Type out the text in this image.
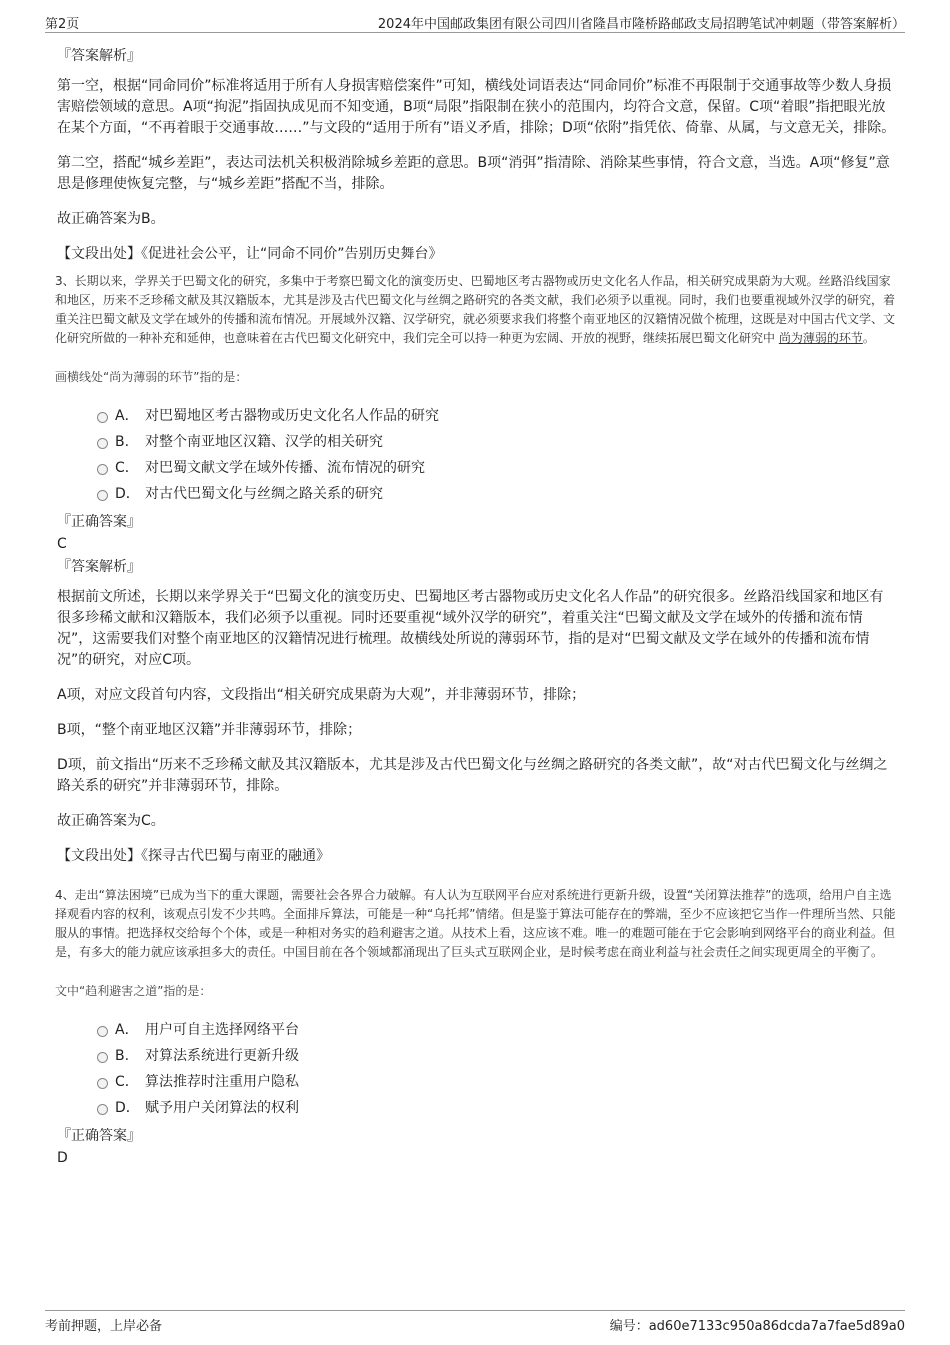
第2页	2024年中国邮政集团有限公司四川省隆昌市隆桥路邮政支局招聘笔试冲刺题（带答案解析）
『答案解析』

第一空，根据“同命同价”标准将适用于所有人身损害赔偿案件”可知，横线处词语表达“同命同价”标准不再限制于交通事故等少数人身损害赔偿领域的意思。A项“拘泥”指固执成见而不知变通，B项“局限”指限制在狭小的范围内，均符合文意，保留。C项“着眼”指把眼光放在某个方面，“不再着眼于交通事故……”与文段的“适用于所有”语义矛盾，排除；D项“依附”指凭依、倚靠、从属，与文意无关，排除。

第二空，搭配“城乡差距”，表达司法机关积极消除城乡差距的意思。B项“消弭”指清除、消除某些事情，符合文意，当选。A项“修复”意思是修理使恢复完整，与“城乡差距”搭配不当，排除。

故正确答案为B。

【文段出处】《促进社会公平，让“同命不同价”告别历史舞台》
3、长期以来，学界关于巴蜀文化的研究，多集中于考察巴蜀文化的演变历史、巴蜀地区考古器物或历史文化名人作品，相关研究成果蔚为大观。丝路沿线国家和地区，历来不乏珍稀文献及其汉籍版本，尤其是涉及古代巴蜀文化与丝绸之路研究的各类文献，我们必须予以重视。同时，我们也要重视域外汉学的研究，着重关注巴蜀文献及文学在域外的传播和流布情况。开展域外汉籍、汉学研究，就必须要求我们将整个南亚地区的汉籍情况做个梳理，这既是对中国古代文学、文化研究所做的一种补充和延伸，也意味着在古代巴蜀文化研究中，我们完全可以持一种更为宏阔、开放的视野，继续拓展巴蜀文化研究中 尚为薄弱的环节。
画横线处“尚为薄弱的环节”指的是：
A． 对巴蜀地区考古器物或历史文化名人作品的研究
B. 对整个南亚地区汉籍、汉学的相关研究
C． 对巴蜀文献文学在域外传播、流布情况的研究
D． 对古代巴蜀文化与丝绸之路关系的研究
『正确答案』
C
『答案解析』

根据前文所述，长期以来学界关于“巴蜀文化的演变历史、巴蜀地区考古器物或历史文化名人作品”的研究很多。丝路沿线国家和地区有很多珍稀文献和汉籍版本，我们必须予以重视。同时还要重视“域外汉学的研究”，着重关注“巴蜀文献及文学在域外的传播和流布情况”，这需要我们对整个南亚地区的汉籍情况进行梳理。故横线处所说的薄弱环节，指的是对“巴蜀文献及文学在域外的传播和流布情况”的研究，对应C项。

A项，对应文段首句内容，文段指出“相关研究成果蔚为大观”，并非薄弱环节，排除；

B项，“整个南亚地区汉籍”并非薄弱环节，排除；

D项，前文指出“历来不乏珍稀文献及其汉籍版本，尤其是涉及古代巴蜀文化与丝绸之路研究的各类文献”，故“对古代巴蜀文化与丝绸之路关系的研究”并非薄弱环节，排除。

故正确答案为C。

【文段出处】《探寻古代巴蜀与南亚的融通》
4、走出“算法困境”已成为当下的重大课题，需要社会各界合力破解。有人认为互联网平台应对系统进行更新升级，设置“关闭算法推荐”的选项，给用户自主选择观看内容的权利，该观点引发不少共鸣。全面排斥算法，可能是一种“乌托邦”情绪。但是鉴于算法可能存在的弊端，至少不应该把它当作一件理所当然、只能服从的事情。把选择权交给每个个体，或是一种相对务实的趋利避害之道。从技术上看，这应该不难。唯一的难题可能在于它会影响到网络平台的商业利益。但是，有多大的能力就应该承担多大的责任。中国目前在各个领域都涌现出了巨头式互联网企业，是时候考虑在商业利益与社会责任之间实现更周全的平衡了。
文中“趋利避害之道”指的是：
A． 用户可自主选择网络平台
B. 对算法系统进行更新升级
C． 算法推荐时注重用户隐私
D． 赋予用户关闭算法的权利
『正确答案』
D
考前押题，上岸必备	编号：ad60e7133c950a86dcda7a7fae5d89a0
